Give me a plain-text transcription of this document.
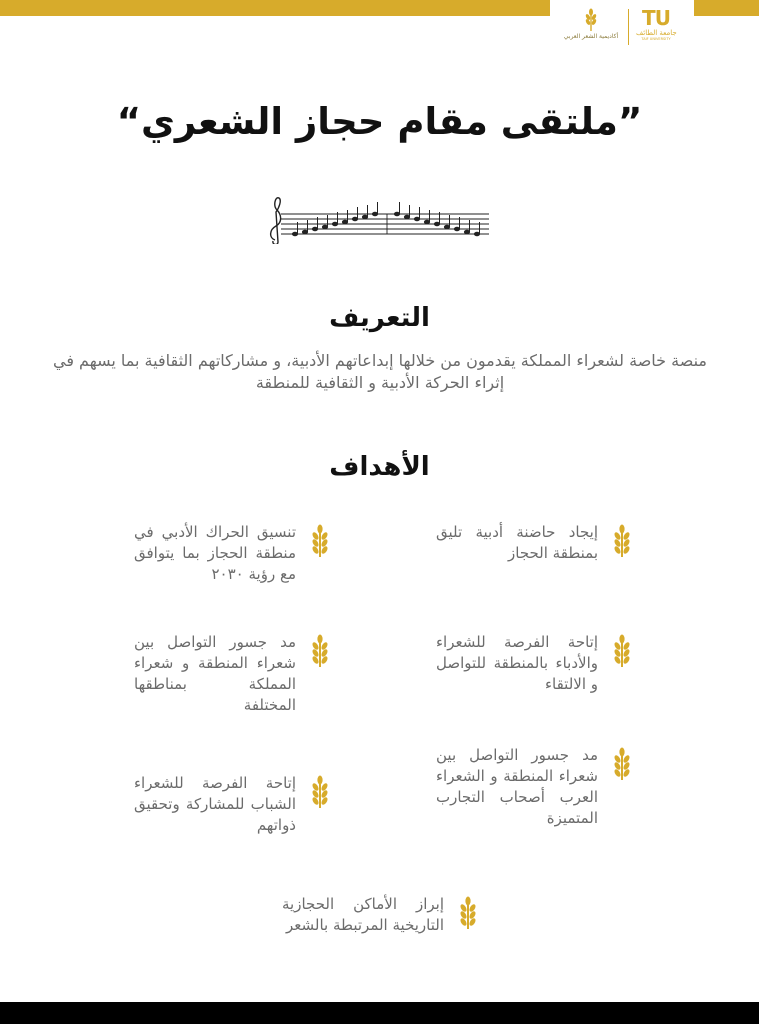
أكاديمية الشعر العربي
TU
جامعة الطائف
TAIF UNIVERSITY
”ملتقى مقام حجاز الشعري“
التعريف

منصة خاصة لشعراء المملكة يقدمون من خلالها إبداعاتهم الأدبية، و مشاركاتهم الثقافية بما يسهم في إثراء الحركة الأدبية و الثقافية للمنطقة

الأهداف
إيجاد حاضنة أدبية تليق بمنطقة الحجاز
تنسيق الحراك الأدبي في منطقة الحجاز بما يتوافق مع رؤية ٢٠٣٠
إتاحة الفرصة للشعراء والأدباء بالمنطقة للتواصل و الالتقاء
مد جسور التواصل بين شعراء المنطقة و شعراء المملكة بمناطقها المختلفة
مد جسور التواصل بين شعراء المنطقة و الشعراء العرب أصحاب التجارب المتميزة
إتاحة الفرصة للشعراء الشباب للمشاركة وتحقيق ذواتهم
إبراز الأماكن الحجازية التاريخية المرتبطة بالشعر
